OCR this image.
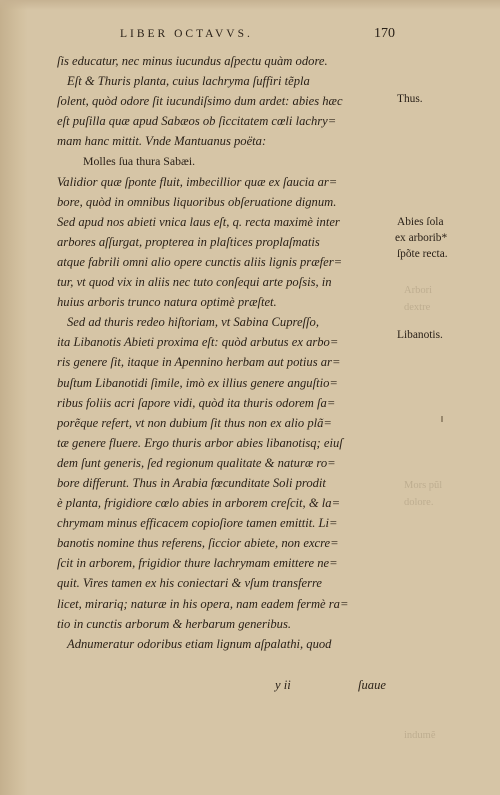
LIBER OCTAVVS.	170
ſis educatur, nec minus iucundus aſpectu quàm odore.
Eſt & Thuris planta, cuius lachryma ſuffiri tẽpla
ſolent, quòd odore ſit iucundiſsimo dum ardet: abies hæc
eſt puſilla quæ apud Sabæos ob ſiccitatem cœli lachry=
mam hanc mittit. Vnde Mantuanus poëta:
Molles ſua thura Sabæi.
Validior quæ ſponte fluit, imbecillior quæ ex ſaucia ar=
bore, quòd in omnibus liquoribus obſeruatione dignum.
Sed apud nos abieti vnica laus eſt, q. recta maximè inter
arbores aſſurgat, propterea in plaſtices proplaſmatis
atque fabrili omni alio opere cunctis aliis lignis præfer=
tur, vt quod vix in aliis nec tuto conſequi arte poſsis, in
huius arboris trunco natura optimè præſtet.
Sed ad thuris redeo hiſtoriam, vt Sabina Cupreſſo,
ita Libanotis Abieti proxima eſt: quòd arbutus ex arbo=
ris genere ſit, itaque in Apennino herbam aut potius ar=
buſtum Libanotidi ſimile, imò ex illius genere anguſtio=
ribus foliis acri ſapore vidi, quòd ita thuris odorem ſa=
porẽque refert, vt non dubium ſit thus non ex alio plã=
tæ genere fluere. Ergo thuris arbor abies libanotisq; eiuſ
dem ſunt generis, ſed regionum qualitate & naturæ ro=
bore differunt. Thus in Arabia fœcunditate Soli prodit
è planta, frigidiore cœlo abies in arborem creſcit, & la=
chrymam minus efficacem copioſiore tamen emittit. Li=
banotis nomine thus referens, ſiccior abiete, non excre=
ſcit in arborem, frigidior thure lachrymam emittere ne=
quit. Vires tamen ex his coniectari & vſum transferre
licet, mirariq; naturæ in his opera, nam eadem fermè ra=
tio in cunctis arborum & herbarum generibus.
Adnumeratur odoribus etiam lignum aſpalathi, quod
Thus.
Abies ſola
ex arborib*
ſpõte recta.
Libanotis.
Arbori
dextre
Mors pũl
dolore.
indumẽ
y ii	ſuaue
